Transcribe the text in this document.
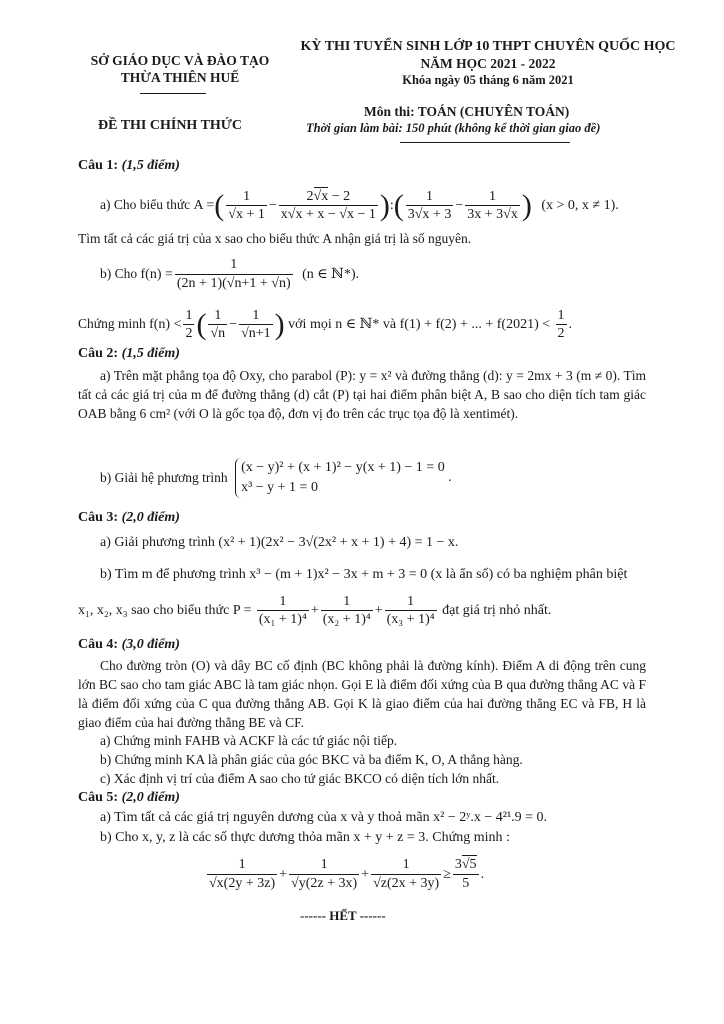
SỞ GIÁO DỤC VÀ ĐÀO TẠO
THỪA THIÊN HUẾ
KỲ THI TUYỂN SINH LỚP 10 THPT CHUYÊN QUỐC HỌC
NĂM HỌC 2021 - 2022
Khóa ngày 05 tháng 6 năm 2021
ĐỀ THI CHÍNH THỨC
Môn thi: TOÁN (CHUYÊN TOÁN)
Thời gian làm bài: 150 phút (không kể thời gian giao đề)
Câu 1: (1,5 điểm)
a) Cho biểu thức A =( $\frac{1}{√x + 1} - \frac{2√x - 2}{x√x + x - √x - 1}$ ):( $\frac{1}{3√x + 3} - \frac{1}{3x + 3√x}$ ) (x > 0, x ≠ 1).
Tìm tất cả các giá trị của x sao cho biểu thức A nhận giá trị là số nguyên.
b) Cho $f(n) = \frac{1}{(2n + 1)(√n+1 + √n)} (n$ ∈ ℕ*).
Chứng minh $f(n) < \frac{1}{2}$ ( $\frac{1}{√n} - \frac{1}{√n+1}$ ) với mọi n ∈ ℕ* và f(1) + f(2) + ... + $f(2021) < \frac{1}{2}$ .
Câu 2: (1,5 điểm)
a) Trên mặt phẳng tọa độ Oxy, cho parabol (P): y = x² và đường thẳng (d): y = 2mx + 3 (m ≠ 0). Tìm tất cả các giá trị của m để đường thẳng (d) cắt (P) tại hai điểm phân biệt A, B sao cho diện tích tam giác OAB bằng 6 cm² (với O là gốc tọa độ, đơn vị đo trên các trục tọa độ là xentimét).
b) Giải hệ phương trình
(x − y)² + (x + 1)² − y(x + 1) − 1 = 0
x³ − y + 1 = 0
.
Câu 3: (2,0 điểm)
a) Giải phương trình (x² + 1)(2x² − 3√(2x² + x + 1) + 4) = 1 − x.
b) Tìm m để phương trình x³ − (m + 1)x² − 3x + m + 3 = 0 (x là ẩn số) có ba nghiệm phân biệt
x₁, x₂, x₃ sao cho biểu thức $P = \frac{1}{\text{(x₁ + 1)⁴}} + \frac{1}{\text{(x₂ + 1)⁴}} + \frac{1}{\text{(x₃ + 1)⁴}}$ đạt giá trị nhỏ nhất.
Câu 4: (3,0 điểm)
Cho đường tròn (O) và dây BC cố định (BC không phải là đường kính). Điểm A di động trên cung lớn BC sao cho tam giác ABC là tam giác nhọn. Gọi E là điểm đối xứng của B qua đường thẳng AC và F là điểm đối xứng của C qua đường thẳng AB. Gọi K là giao điểm của hai đường thẳng EC và FB, H là giao điểm của hai đường thẳng BE và CF.
a) Chứng minh FAHB và ACKF là các tứ giác nội tiếp.
b) Chứng minh KA là phân giác của góc BKC và ba điểm K, O, A thẳng hàng.
c) Xác định vị trí của điểm A sao cho tứ giác BKCO có diện tích lớn nhất.
Câu 5: (2,0 điểm)
a) Tìm tất cả các giá trị nguyên dương của x và y thoả mãn x² − 2ʸ.x − 4²¹.9 = 0.
b) Cho x, y, z là các số thực dương thỏa mãn x + y + z = 3. Chứng minh :
$\frac{1}{√x(2y + 3z)} + \frac{1}{√y(2z + 3x)} + \frac{1}{√z(2x + 3y)} \ge \frac{3√5}{5}$ .
------ HẾT ------
